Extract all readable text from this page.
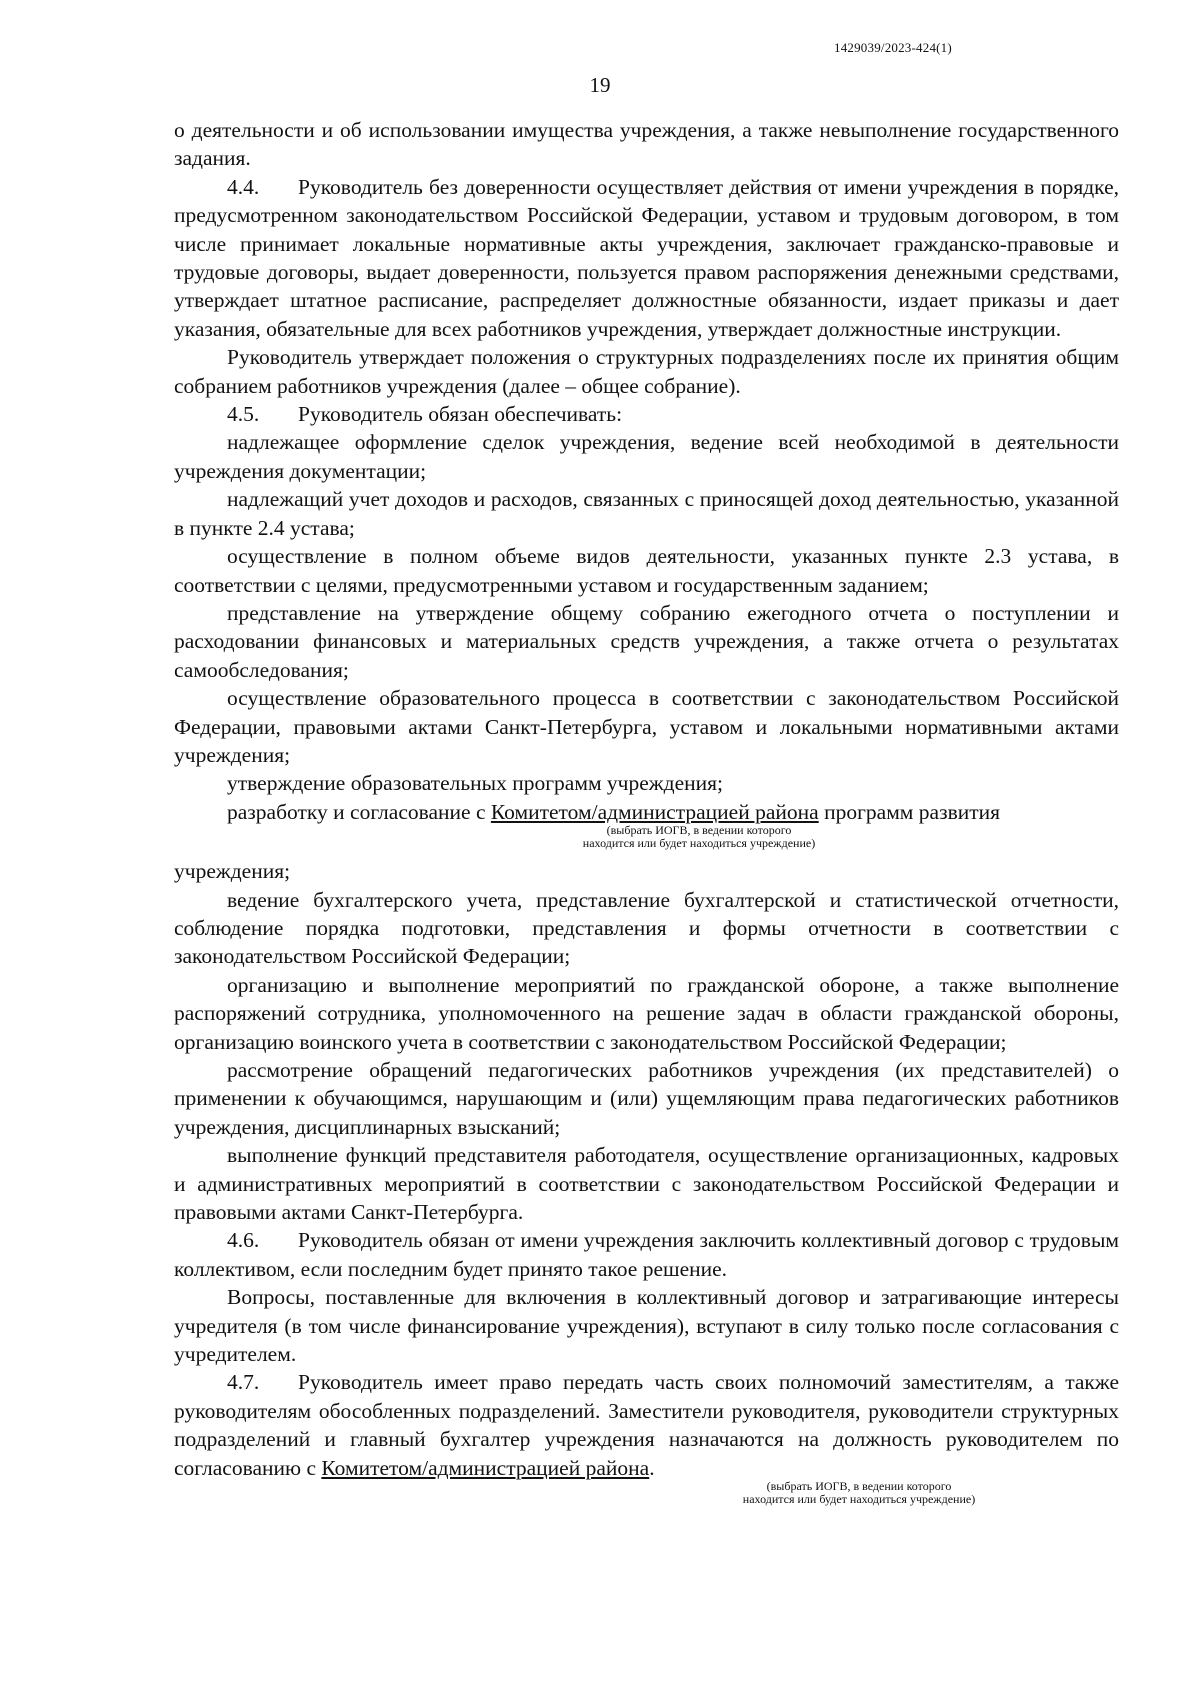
1429039/2023-424(1)
19

о деятельности и об использовании имущества учреждения, а также невыполнение государственного задания.

4.4. Руководитель без доверенности осуществляет действия от имени учреждения в порядке, предусмотренном законодательством Российской Федерации, уставом и трудовым договором, в том числе принимает локальные нормативные акты учреждения, заключает гражданско-правовые и трудовые договоры, выдает доверенности, пользуется правом распоряжения денежными средствами, утверждает штатное расписание, распределяет должностные обязанности, издает приказы и дает указания, обязательные для всех работников учреждения, утверждает должностные инструкции.

Руководитель утверждает положения о структурных подразделениях после их принятия общим собранием работников учреждения (далее – общее собрание).

4.5. Руководитель обязан обеспечивать:

надлежащее оформление сделок учреждения, ведение всей необходимой в деятельности учреждения документации;

надлежащий учет доходов и расходов, связанных с приносящей доход деятельностью, указанной в пункте 2.4 устава;

осуществление в полном объеме видов деятельности, указанных пункте 2.3 устава, в соответствии с целями, предусмотренными уставом и государственным заданием;

представление на утверждение общему собранию ежегодного отчета о поступлении и расходовании финансовых и материальных средств учреждения, а также отчета о результатах самообследования;

осуществление образовательного процесса в соответствии с законодательством Российской Федерации, правовыми актами Санкт-Петербурга, уставом и локальными нормативными актами учреждения;

утверждение образовательных программ учреждения;

разработку и согласование с Комитетом/администрацией района программ развития

(выбрать ИОГВ, в ведении которого
находится или будет находиться учреждение)

учреждения;

ведение бухгалтерского учета, представление бухгалтерской и статистической отчетности, соблюдение порядка подготовки, представления и формы отчетности в соответствии с законодательством Российской Федерации;

организацию и выполнение мероприятий по гражданской обороне, а также выполнение распоряжений сотрудника, уполномоченного на решение задач в области гражданской обороны, организацию воинского учета в соответствии с законодательством Российской Федерации;

рассмотрение обращений педагогических работников учреждения (их представителей) о применении к обучающимся, нарушающим и (или) ущемляющим права педагогических работников учреждения, дисциплинарных взысканий;

выполнение функций представителя работодателя, осуществление организационных, кадровых и административных мероприятий в соответствии с законодательством Российской Федерации и правовыми актами Санкт-Петербурга.

4.6. Руководитель обязан от имени учреждения заключить коллективный договор с трудовым коллективом, если последним будет принято такое решение.

Вопросы, поставленные для включения в коллективный договор и затрагивающие интересы учредителя (в том числе финансирование учреждения), вступают в силу только после согласования с учредителем.

4.7. Руководитель имеет право передать часть своих полномочий заместителям, а также руководителям обособленных подразделений. Заместители руководителя, руководители структурных подразделений и главный бухгалтер учреждения назначаются на должность руководителем по согласованию с Комитетом/администрацией района.

(выбрать ИОГВ, в ведении которого
находится или будет находиться учреждение)
